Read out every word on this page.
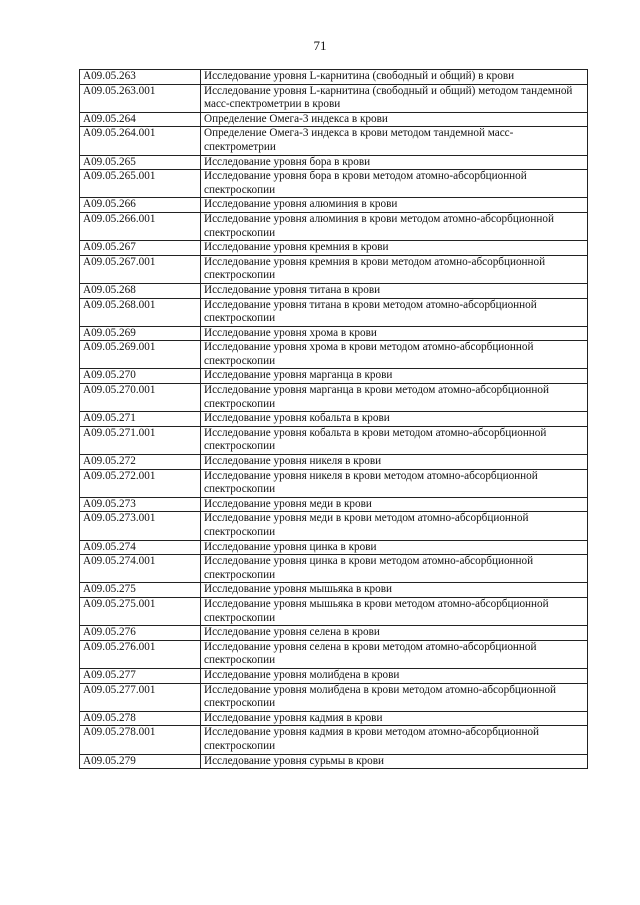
71
A09.05.263	Исследование уровня L-карнитина (свободный и общий) в крови
A09.05.263.001	Исследование уровня L-карнитина (свободный и общий) методом тандемной масс-спектрометрии в крови
A09.05.264	Определение Омега-3 индекса в крови
A09.05.264.001	Определение Омега-3 индекса в крови методом тандемной масс-спектрометрии
A09.05.265	Исследование уровня бора в крови
A09.05.265.001	Исследование уровня бора в крови методом атомно-абсорбционной спектроскопии
A09.05.266	Исследование уровня алюминия в крови
A09.05.266.001	Исследование уровня алюминия в крови методом атомно-абсорбционной спектроскопии
A09.05.267	Исследование уровня кремния в крови
A09.05.267.001	Исследование уровня кремния в крови методом атомно-абсорбционной спектроскопии
A09.05.268	Исследование уровня титана в крови
A09.05.268.001	Исследование уровня титана в крови методом атомно-абсорбционной спектроскопии
A09.05.269	Исследование уровня хрома в крови
A09.05.269.001	Исследование уровня хрома в крови методом атомно-абсорбционной спектроскопии
A09.05.270	Исследование уровня марганца в крови
A09.05.270.001	Исследование уровня марганца в крови методом атомно-абсорбционной спектроскопии
A09.05.271	Исследование уровня кобальта в крови
A09.05.271.001	Исследование уровня кобальта в крови методом атомно-абсорбционной спектроскопии
A09.05.272	Исследование уровня никеля в крови
A09.05.272.001	Исследование уровня никеля в крови методом атомно-абсорбционной спектроскопии
A09.05.273	Исследование уровня меди в крови
A09.05.273.001	Исследование уровня меди в крови методом атомно-абсорбционной спектроскопии
A09.05.274	Исследование уровня цинка в крови
A09.05.274.001	Исследование уровня цинка в крови методом атомно-абсорбционной спектроскопии
A09.05.275	Исследование уровня мышьяка в крови
A09.05.275.001	Исследование уровня мышьяка в крови методом атомно-абсорбционной спектроскопии
A09.05.276	Исследование уровня селена в крови
A09.05.276.001	Исследование уровня селена в крови методом атомно-абсорбционной спектроскопии
A09.05.277	Исследование уровня молибдена в крови
A09.05.277.001	Исследование уровня молибдена в крови методом атомно-абсорбционной спектроскопии
A09.05.278	Исследование уровня кадмия в крови
A09.05.278.001	Исследование уровня кадмия в крови методом атомно-абсорбционной спектроскопии
A09.05.279	Исследование уровня сурьмы в крови
